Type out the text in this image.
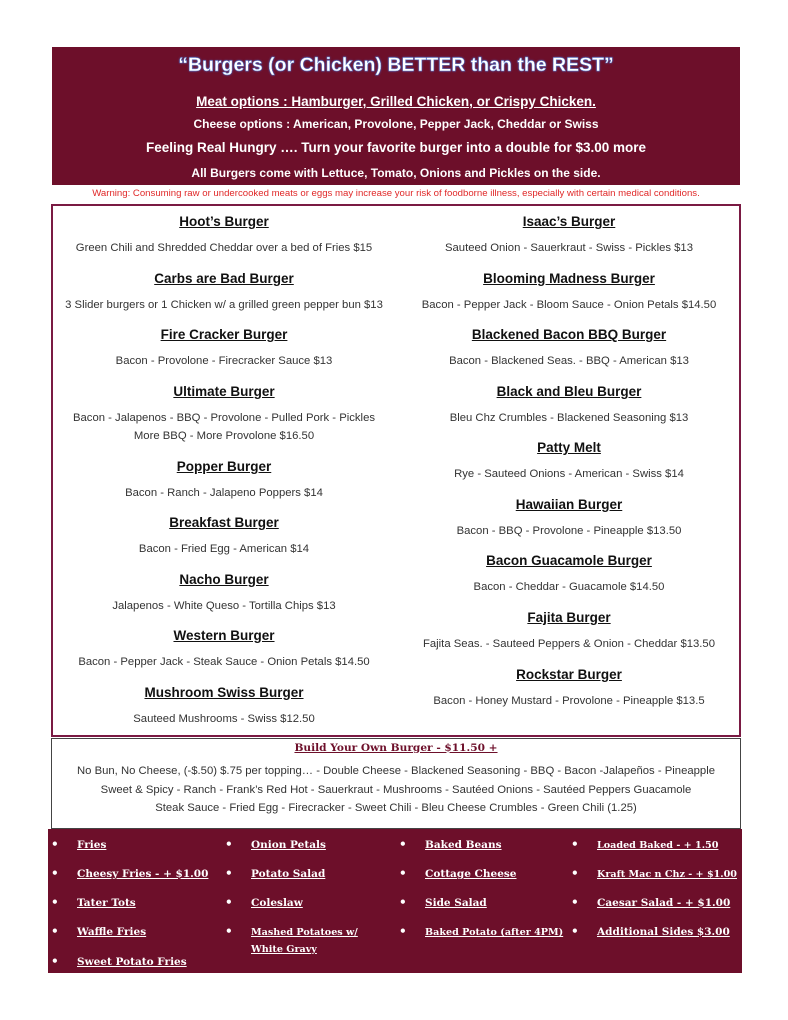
“Burgers (or Chicken) BETTER than the REST”
Meat options : Hamburger, Grilled Chicken, or Crispy Chicken.
Cheese options : American, Provolone, Pepper Jack, Cheddar or Swiss
Feeling Real Hungry …. Turn your favorite burger into a double for $3.00 more
All Burgers come with Lettuce, Tomato, Onions and Pickles on the side.
Warning: Consuming raw or undercooked meats or eggs may increase your risk of foodborne illness, especially with certain medical conditions.
Hoot’s Burger
Green Chili and Shredded Cheddar over a bed of Fries $15
Carbs are Bad Burger
3 Slider burgers or 1 Chicken w/ a grilled green pepper bun $13
Fire Cracker Burger
Bacon - Provolone - Firecracker Sauce $13
Ultimate Burger
Bacon - Jalapenos - BBQ - Provolone - Pulled Pork - Pickles
More BBQ - More Provolone $16.50
Popper Burger
Bacon - Ranch - Jalapeno Poppers $14
Breakfast Burger
Bacon - Fried Egg - American $14
Nacho Burger
Jalapenos - White Queso - Tortilla Chips $13
Western Burger
Bacon - Pepper Jack - Steak Sauce - Onion Petals $14.50
Mushroom Swiss Burger
Sauteed Mushrooms - Swiss $12.50
Isaac’s Burger
Sauteed Onion - Sauerkraut - Swiss - Pickles $13
Blooming Madness Burger
Bacon - Pepper Jack - Bloom Sauce - Onion Petals $14.50
Blackened Bacon BBQ Burger
Bacon - Blackened Seas. - BBQ - American $13
Black and Bleu Burger
Bleu Chz Crumbles - Blackened Seasoning $13
Patty Melt
Rye - Sauteed Onions - American - Swiss $14
Hawaiian Burger
Bacon - BBQ - Provolone - Pineapple $13.50
Bacon Guacamole Burger
Bacon - Cheddar - Guacamole $14.50
Fajita Burger
Fajita Seas. - Sauteed Peppers & Onion - Cheddar $13.50
Rockstar Burger
Bacon - Honey Mustard - Provolone - Pineapple $13.5
Build Your Own Burger - $11.50 +
No Bun, No Cheese, (-$.50) $.75 per topping… - Double Cheese - Blackened Seasoning - BBQ - Bacon -Jalapeños - Pineapple
Sweet & Spicy - Ranch - Frank’s Red Hot - Sauerkraut - Mushrooms - Sautéed Onions - Sautéed Peppers Guacamole
Steak Sauce - Fried Egg - Firecracker - Sweet Chili - Bleu Cheese Crumbles - Green Chili (1.25)
•	Fries
•	Cheesy Fries - + $1.00
•	Tater Tots
•	Waffle Fries
•	Sweet Potato Fries
•	Onion Petals
•	Potato Salad
•	Coleslaw
•	Mashed Potatoes w/ White Gravy
•	Baked Beans
•	Cottage Cheese
•	Side Salad
•	Baked Potato (after 4PM)
•	Loaded Baked - + 1.50
•	Kraft Mac n Chz - + $1.00
•	Caesar Salad - + $1.00
•	Additional Sides $3.00
